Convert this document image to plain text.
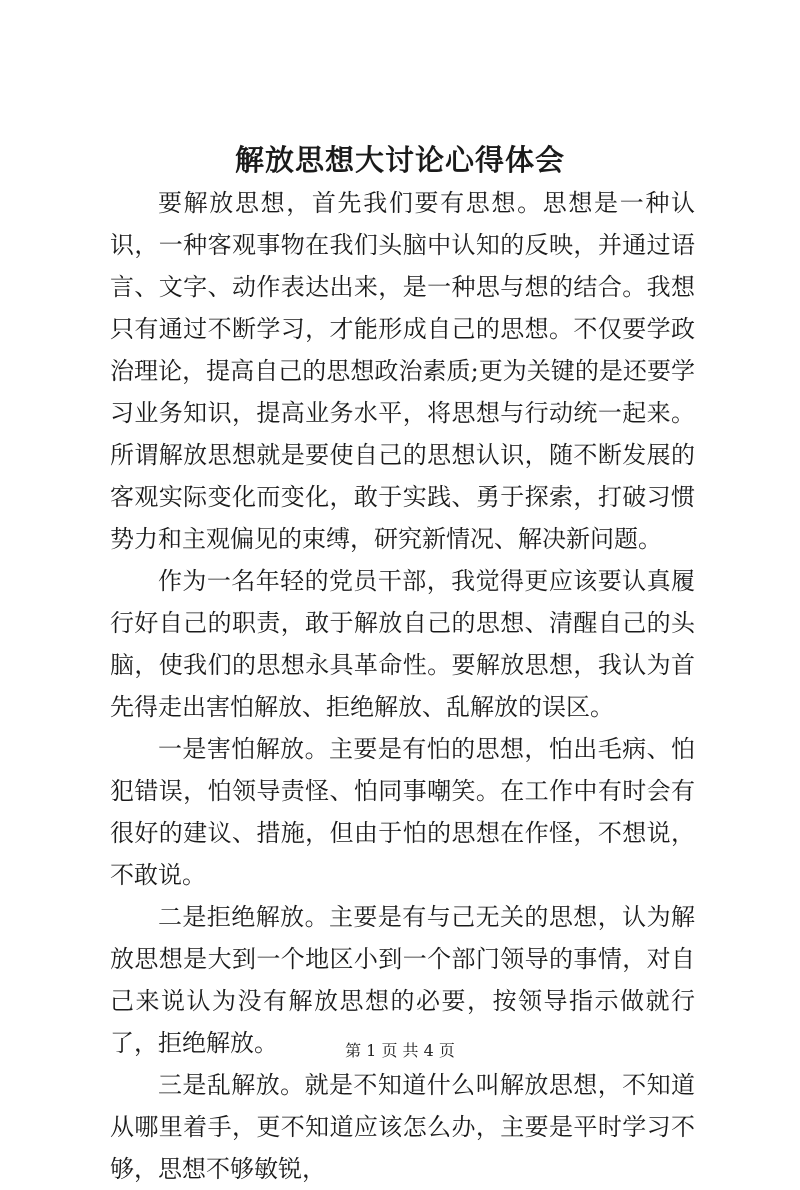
解放思想大讨论心得体会

要解放思想，首先我们要有思想。思想是一种认识，一种客观事物在我们头脑中认知的反映，并通过语言、文字、动作表达出来，是一种思与想的结合。我想只有通过不断学习，才能形成自己的思想。不仅要学政治理论，提高自己的思想政治素质;更为关键的是还要学习业务知识，提高业务水平，将思想与行动统一起来。所谓解放思想就是要使自己的思想认识，随不断发展的客观实际变化而变化，敢于实践、勇于探索，打破习惯势力和主观偏见的束缚，研究新情况、解决新问题。

作为一名年轻的党员干部，我觉得更应该要认真履行好自己的职责，敢于解放自己的思想、清醒自己的头脑，使我们的思想永具革命性。要解放思想，我认为首先得走出害怕解放、拒绝解放、乱解放的误区。

一是害怕解放。主要是有怕的思想，怕出毛病、怕犯错误，怕领导责怪、怕同事嘲笑。在工作中有时会有很好的建议、措施，但由于怕的思想在作怪，不想说，不敢说。

二是拒绝解放。主要是有与己无关的思想，认为解放思想是大到一个地区小到一个部门领导的事情，对自己来说认为没有解放思想的必要，按领导指示做就行了，拒绝解放。

三是乱解放。就是不知道什么叫解放思想，不知道从哪里着手，更不知道应该怎么办，主要是平时学习不够，思想不够敏锐，

第 1 页 共 4 页
